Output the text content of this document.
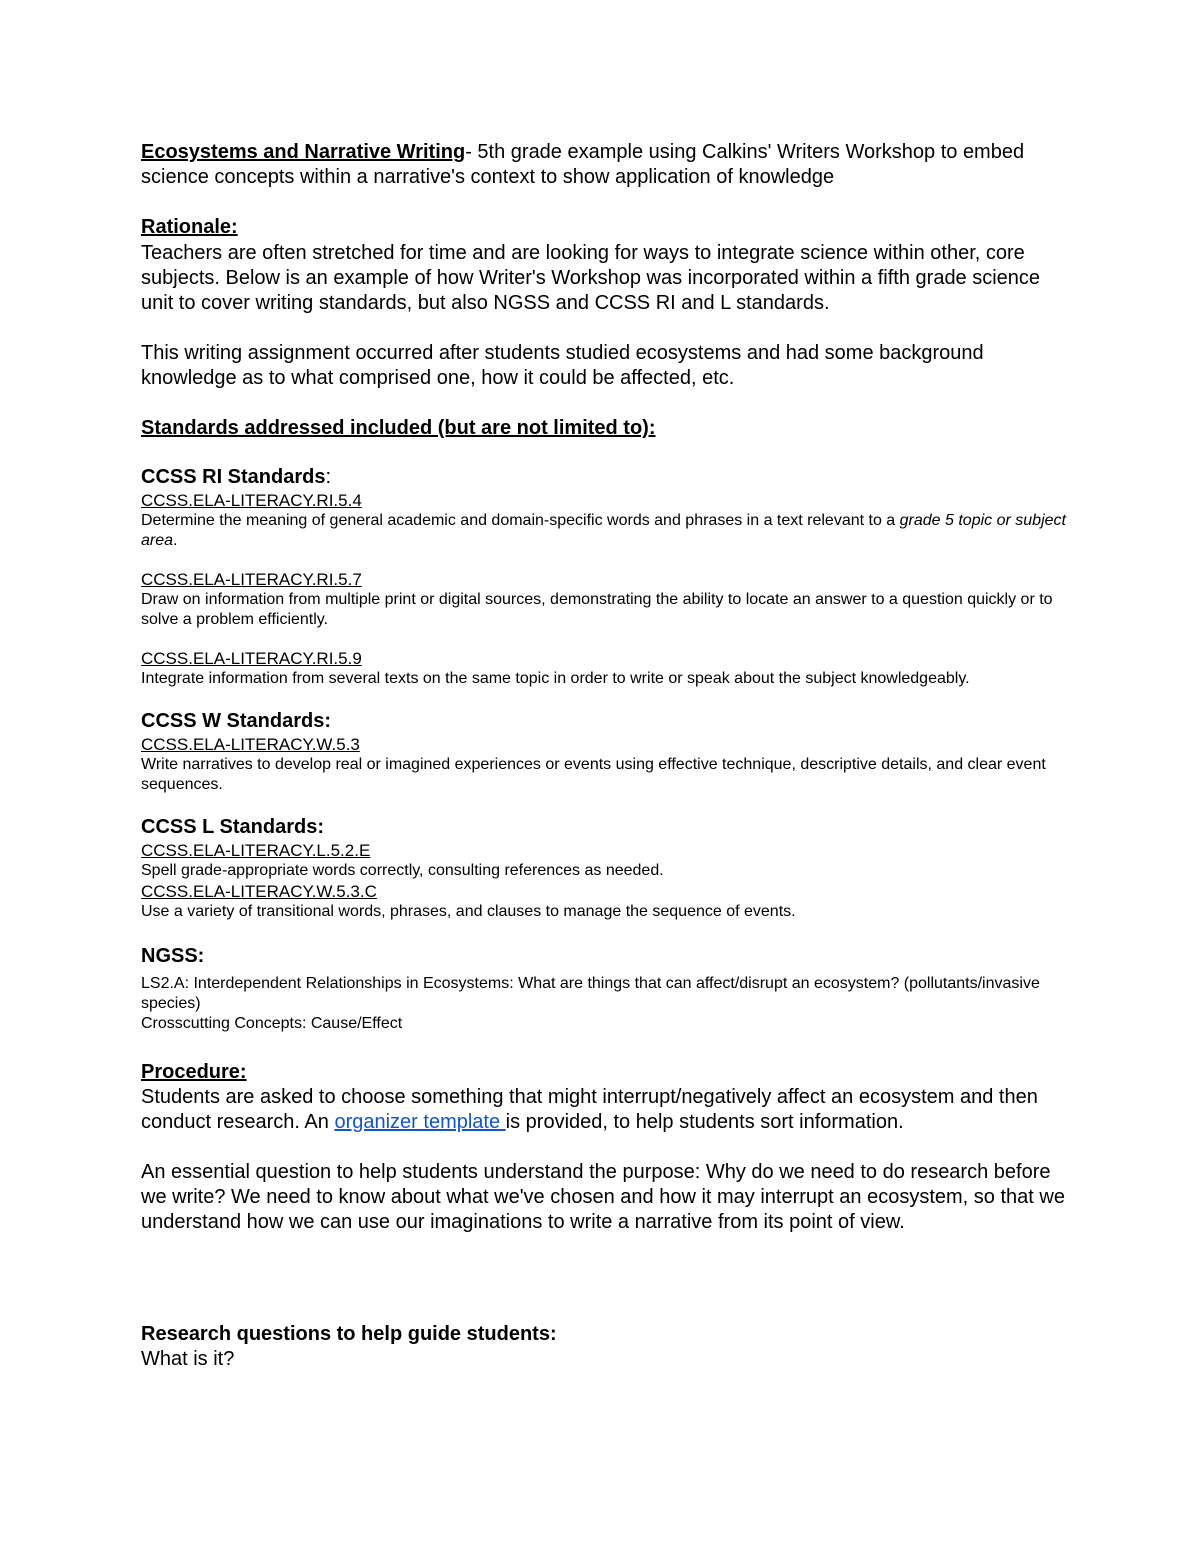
Ecosystems and Narrative Writing- 5th grade example using Calkins' Writers Workshop to embed science concepts within a narrative's context to show application of knowledge

Rationale:

Teachers are often stretched for time and are looking for ways to integrate science within other, core subjects. Below is an example of how Writer's Workshop was incorporated within a fifth grade science unit to cover writing standards, but also NGSS and CCSS RI and L standards.

This writing assignment occurred after students studied ecosystems and had some background knowledge as to what comprised one, how it could be affected, etc.

Standards addressed included (but are not limited to):

CCSS RI Standards:

CCSS.ELA-LITERACY.RI.5.4

Determine the meaning of general academic and domain-specific words and phrases in a text relevant to a grade 5 topic or subject area.

CCSS.ELA-LITERACY.RI.5.7

Draw on information from multiple print or digital sources, demonstrating the ability to locate an answer to a question quickly or to solve a problem efficiently.

CCSS.ELA-LITERACY.RI.5.9

Integrate information from several texts on the same topic in order to write or speak about the subject knowledgeably.

CCSS W Standards:

CCSS.ELA-LITERACY.W.5.3

Write narratives to develop real or imagined experiences or events using effective technique, descriptive details, and clear event sequences.

CCSS L Standards:

CCSS.ELA-LITERACY.L.5.2.E

Spell grade-appropriate words correctly, consulting references as needed.

CCSS.ELA-LITERACY.W.5.3.C

Use a variety of transitional words, phrases, and clauses to manage the sequence of events.

NGSS:

LS2.A: Interdependent Relationships in Ecosystems: What are things that can affect/disrupt an ecosystem? (pollutants/invasive species)

Crosscutting Concepts: Cause/Effect

Procedure:

Students are asked to choose something that might interrupt/negatively affect an ecosystem and then conduct research. An organizer template is provided, to help students sort information.

An essential question to help students understand the purpose: Why do we need to do research before we write? We need to know about what we've chosen and how it may interrupt an ecosystem, so that we understand how we can use our imaginations to write a narrative from its point of view.

Research questions to help guide students:

What is it?
